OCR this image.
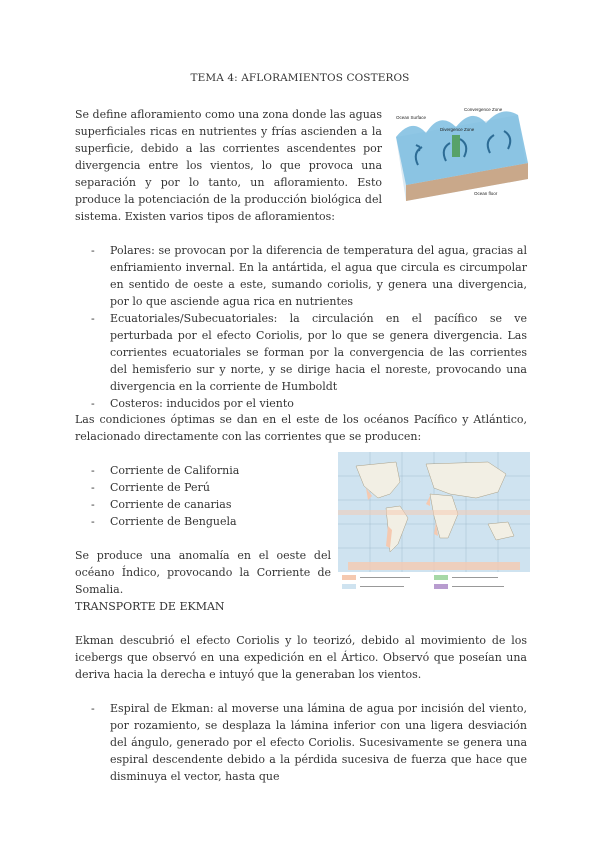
TEMA 4: AFLORAMIENTOS COSTEROS

Se define afloramiento como una zona donde las aguas superficiales ricas en nutrientes y frías ascienden a la superficie, debido a las corrientes ascendentes por divergencia entre los vientos, lo que provoca una separación y por lo tanto, un afloramiento. Esto produce la potenciación de la producción biológica del sistema. Existen varios tipos de afloramientos:

Ocean Surface
Convergence Zone
Divergence Zone
Ocean floor
- Polares: se provocan por la diferencia de temperatura del agua, gracias al enfriamiento invernal. En la antártida, el agua que circula es circumpolar en sentido de oeste a este, sumando coriolis, y genera una divergencia, por lo que asciende agua rica en nutrientes
- Ecuatoriales/Subecuatoriales: la circulación en el pacífico se ve perturbada por el efecto Coriolis, por lo que se genera divergencia. Las corrientes ecuatoriales se forman por la convergencia de las corrientes del hemisferio sur y norte, y se dirige hacia el noreste, provocando una divergencia en la corriente de Humboldt
- Costeros: inducidos por el viento

Las condiciones óptimas se dan en el este de los océanos Pacífico y Atlántico, relacionado directamente con las corrientes que se producen:

- Corriente de California
- Corriente de Perú
- Corriente de canarias
- Corriente de Benguela

Se produce una anomalía en el oeste del océano Índico, provocando la Corriente de Somalia.

TRANSPORTE DE EKMAN

Ekman descubrió el efecto Coriolis y lo teorizó, debido al movimiento de los icebergs que observó en una expedición en el Ártico. Observó que poseían una deriva hacia la derecha e intuyó que la generaban los vientos.

- Espiral de Ekman: al moverse una lámina de agua por incisión del viento, por rozamiento, se desplaza la lámina inferior con una ligera desviación del ángulo, generado por el efecto Coriolis. Sucesivamente se genera una espiral descendente debido a la pérdida sucesiva de fuerza que hace que disminuya el vector, hasta que
